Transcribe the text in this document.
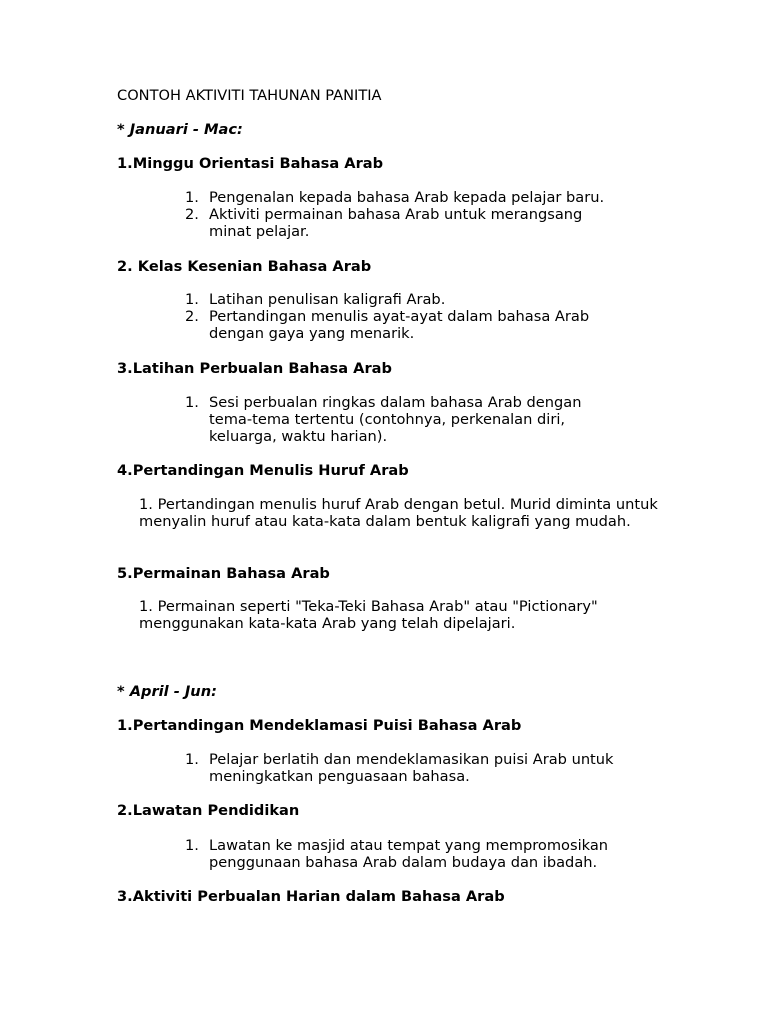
CONTOH AKTIVITI TAHUNAN PANITIA
* Januari - Mac:
1.Minggu Orientasi Bahasa Arab
1. Pengenalan kepada bahasa Arab kepada pelajar baru.
2. Aktiviti permainan bahasa Arab untuk merangsang minat pelajar.
2. Kelas Kesenian Bahasa Arab
1. Latihan penulisan kaligrafi Arab.
2. Pertandingan menulis ayat-ayat dalam bahasa Arab dengan gaya yang menarik.
3.Latihan Perbualan Bahasa Arab
1. Sesi perbualan ringkas dalam bahasa Arab dengan tema-tema tertentu (contohnya, perkenalan diri, keluarga, waktu harian).
4.Pertandingan Menulis Huruf Arab
1. Pertandingan menulis huruf Arab dengan betul. Murid diminta untuk menyalin huruf atau kata-kata dalam bentuk kaligrafi yang mudah.
5.Permainan Bahasa Arab
1. Permainan seperti "Teka-Teki Bahasa Arab" atau "Pictionary" menggunakan kata-kata Arab yang telah dipelajari.
* April - Jun:
1.Pertandingan Mendeklamasi Puisi Bahasa Arab
1. Pelajar berlatih dan mendeklamasikan puisi Arab untuk meningkatkan penguasaan bahasa.
2.Lawatan Pendidikan
1. Lawatan ke masjid atau tempat yang mempromosikan penggunaan bahasa Arab dalam budaya dan ibadah.
3.Aktiviti Perbualan Harian dalam Bahasa Arab
